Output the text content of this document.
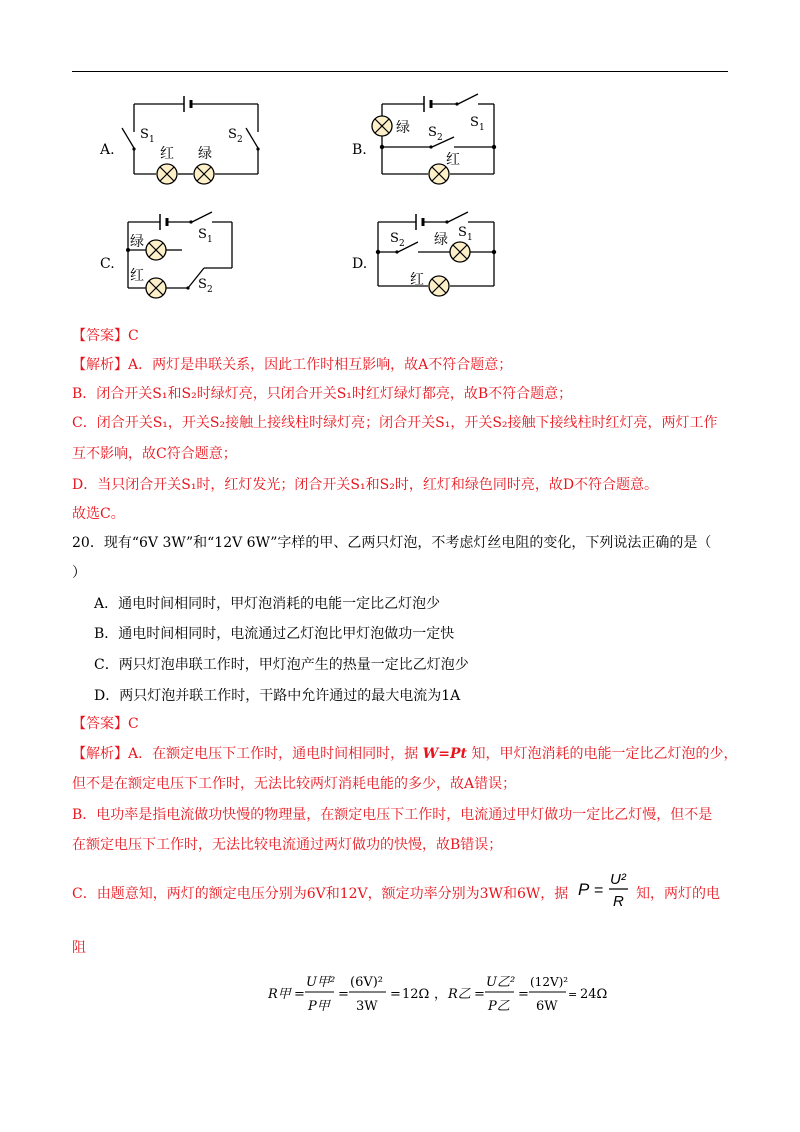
A.
S 1	S 2
红 绿	B.
绿	S 1
S 2
红
C.
绿
红
S 1
S 2
D.
S 2 绿 S 1
红
【答案】C
【解析】A．两灯是串联关系，因此工作时相互影响，故A不符合题意；
B．闭合开关S₁和S₂时绿灯亮，只闭合开关S₁时红灯绿灯都亮，故B不符合题意；
C．闭合开关S₁，开关S₂接触上接线柱时绿灯亮；闭合开关S₁，开关S₂接触下接线柱时红灯亮，两灯工作
互不影响，故C符合题意；
D．当只闭合开关S₁时，红灯发光；闭合开关S₁和S₂时，红灯和绿色同时亮，故D不符合题意。
故选C。
20．现有“6V 3W”和“12V 6W”字样的甲、乙两只灯泡，不考虑灯丝电阻的变化，下列说法正确的是（
）
A．通电时间相同时，甲灯泡消耗的电能一定比乙灯泡少
B．通电时间相同时，电流通过乙灯泡比甲灯泡做功一定快
C．两只灯泡串联工作时，甲灯泡产生的热量一定比乙灯泡少
D．两只灯泡并联工作时，干路中允许通过的最大电流为1A
【答案】C
【解析】A．在额定电压下工作时，通电时间相同时，据 W=Pt 知，甲灯泡消耗的电能一定比乙灯泡的少，
但不是在额定电压下工作时，无法比较两灯消耗电能的多少，故A错误；
B．电功率是指电流做功快慢的物理量，在额定电压下工作时，电流通过甲灯做功一定比乙灯慢，但不是
在额定电压下工作时，无法比较电流通过两灯做功的快慢，故B错误；
C．由题意知，两灯的额定电压分别为6V和12V，额定功率分别为3W和6W，据 P =
U²
R 知，两灯的电
阻
R甲 =
U甲²
P甲
=
(6V)²
3W
= 12Ω ， R乙 =
U乙²
P乙
=
(12V)²
6W
= 24Ω
